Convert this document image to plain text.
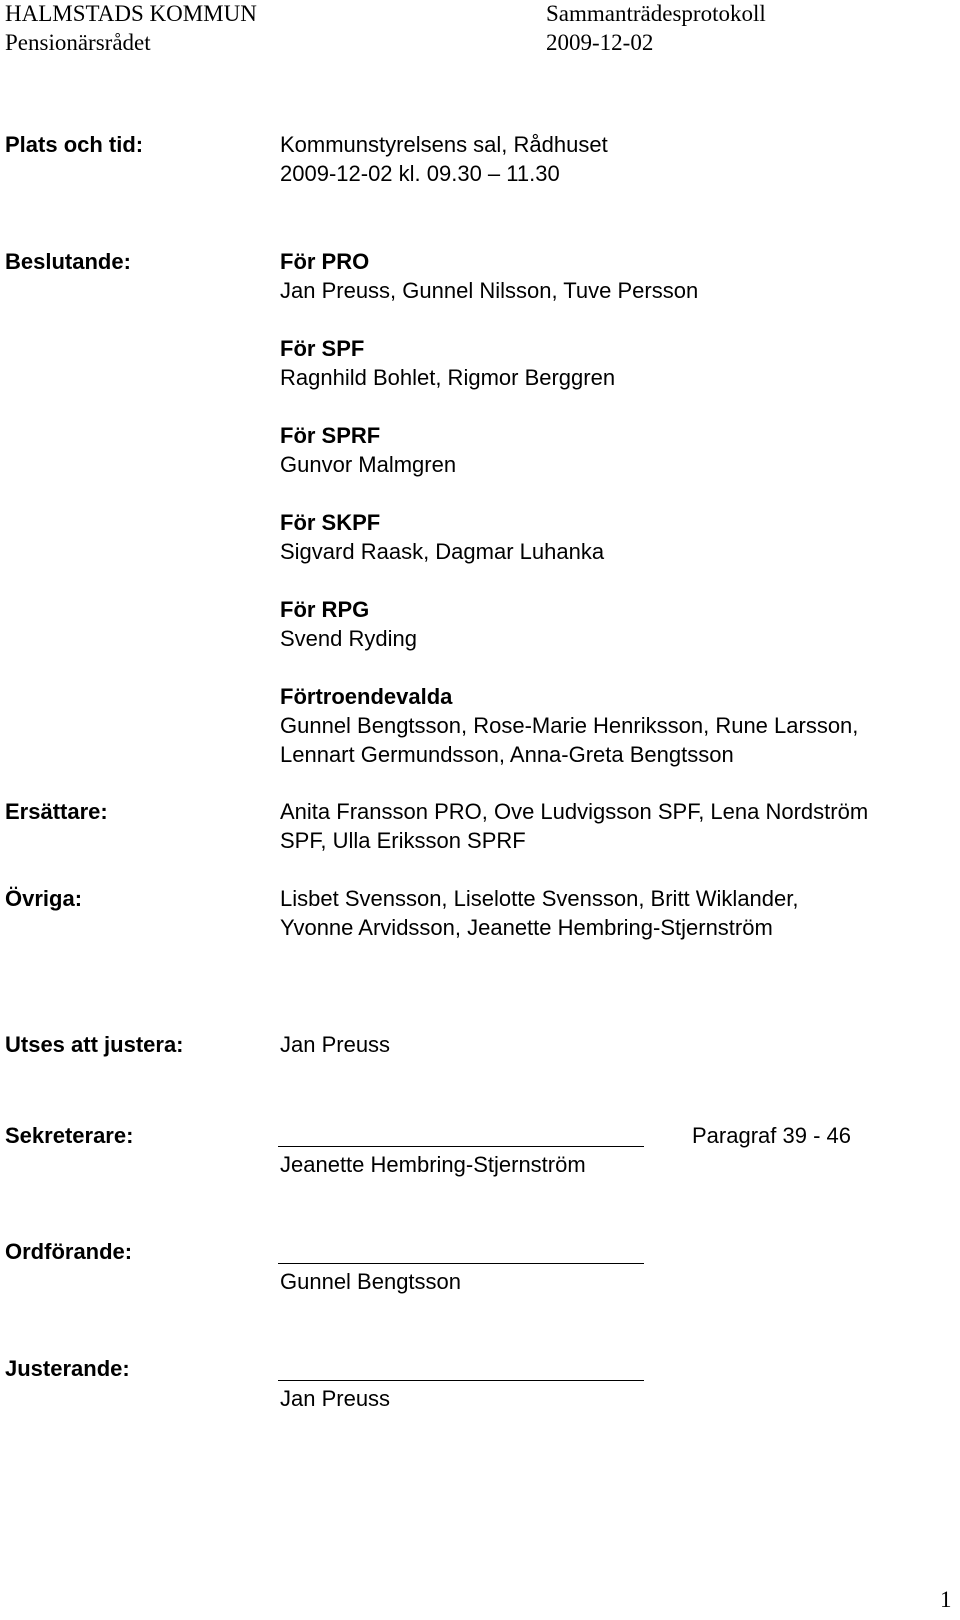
HALMSTADS KOMMUN	Sammanträdesprotokoll
Pensionärsrådet	2009-12-02
Plats och tid:	Kommunstyrelsens sal, Rådhuset
2009-12-02 kl. 09.30 – 11.30
Beslutande:	För PRO
Jan Preuss, Gunnel Nilsson, Tuve Persson
För SPF
Ragnhild Bohlet, Rigmor Berggren
För SPRF
Gunvor Malmgren
För SKPF
Sigvard Raask, Dagmar Luhanka
För RPG
Svend Ryding
Förtroendevalda
Gunnel Bengtsson, Rose-Marie Henriksson, Rune Larsson,
Lennart Germundsson, Anna-Greta Bengtsson
Ersättare:	Anita Fransson PRO, Ove Ludvigsson SPF, Lena Nordström
SPF, Ulla Eriksson SPRF
Övriga:	Lisbet Svensson, Liselotte Svensson, Britt Wiklander,
Yvonne Arvidsson, Jeanette Hembring-Stjernström
Utses att justera:	Jan Preuss
Sekreterare:	Paragraf 39 - 46
Jeanette Hembring-Stjernström
Ordförande:
Gunnel Bengtsson
Justerande:
Jan Preuss
1
